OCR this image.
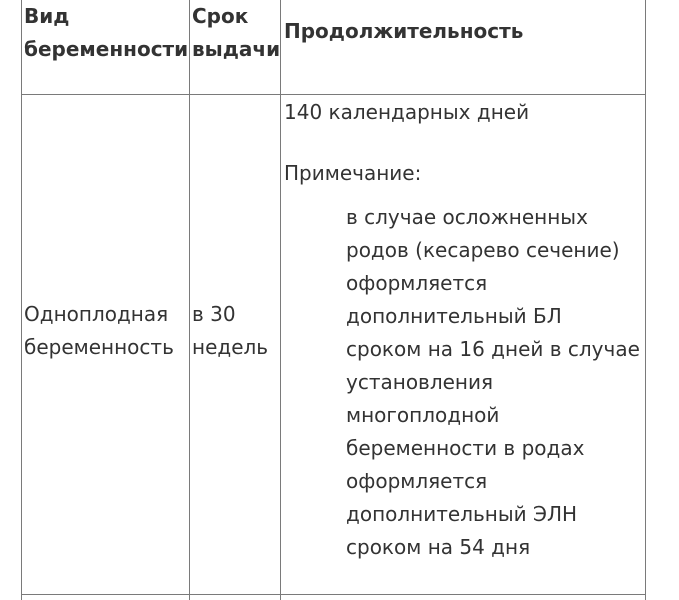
Вид
беременности
Срок
выдачи
Продолжительность
Одноплодная
беременность
в 30
недель
140 календарных дней
Примечание:
в случае осложненных
родов (кесарево сечение)
оформляется
дополнительный БЛ
сроком на 16 дней в случае
установления
многоплодной
беременности в родах
оформляется
дополнительный ЭЛН
сроком на 54 дня
